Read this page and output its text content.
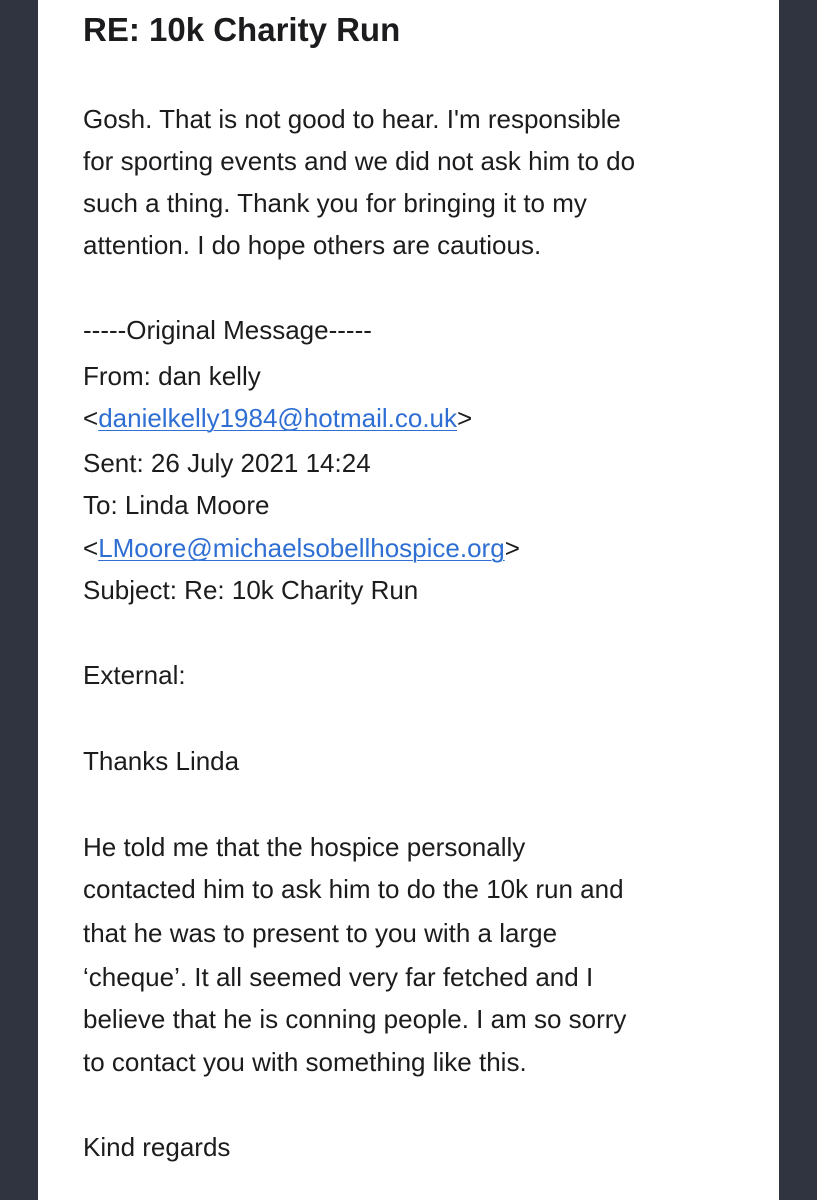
RE: 10k Charity Run
Gosh. That is not good to hear. I'm responsible
for sporting events and we did not ask him to do
such a thing. Thank you for bringing it to my
attention. I do hope others are cautious.
-----Original Message-----
From: dan kelly
<danielkelly1984@hotmail.co.uk>
Sent: 26 July 2021 14:24
To: Linda Moore
<LMoore@michaelsobellhospice.org>
Subject: Re: 10k Charity Run
External:
Thanks Linda
He told me that the hospice personally
contacted him to ask him to do the 10k run and
that he was to present to you with a large
‘cheque’. It all seemed very far fetched and I
believe that he is conning people. I am so sorry
to contact you with something like this.
Kind regards
